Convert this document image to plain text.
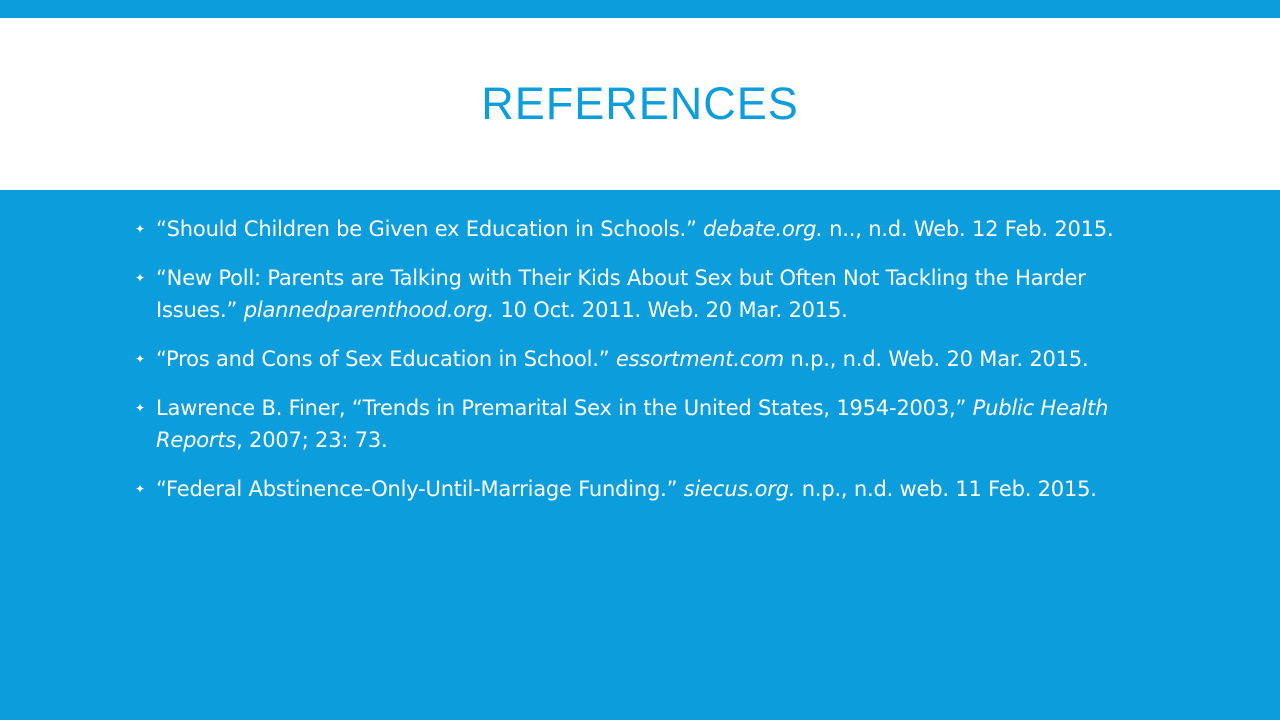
REFERENCES
✦ “Should Children be Given ex Education in Schools.” debate.org. n.., n.d. Web. 12 Feb. 2015.
✦ “New Poll: Parents are Talking with Their Kids About Sex but Often Not Tackling the Harder Issues.” plannedparenthood.org. 10 Oct. 2011. Web. 20 Mar. 2015.
✦ “Pros and Cons of Sex Education in School.” essortment.com n.p., n.d. Web. 20 Mar. 2015.
✦ Lawrence B. Finer, “Trends in Premarital Sex in the United States, 1954-2003,” Public Health Reports, 2007; 23: 73.
✦ “Federal Abstinence-Only-Until-Marriage Funding.” siecus.org. n.p., n.d. web. 11 Feb. 2015.
